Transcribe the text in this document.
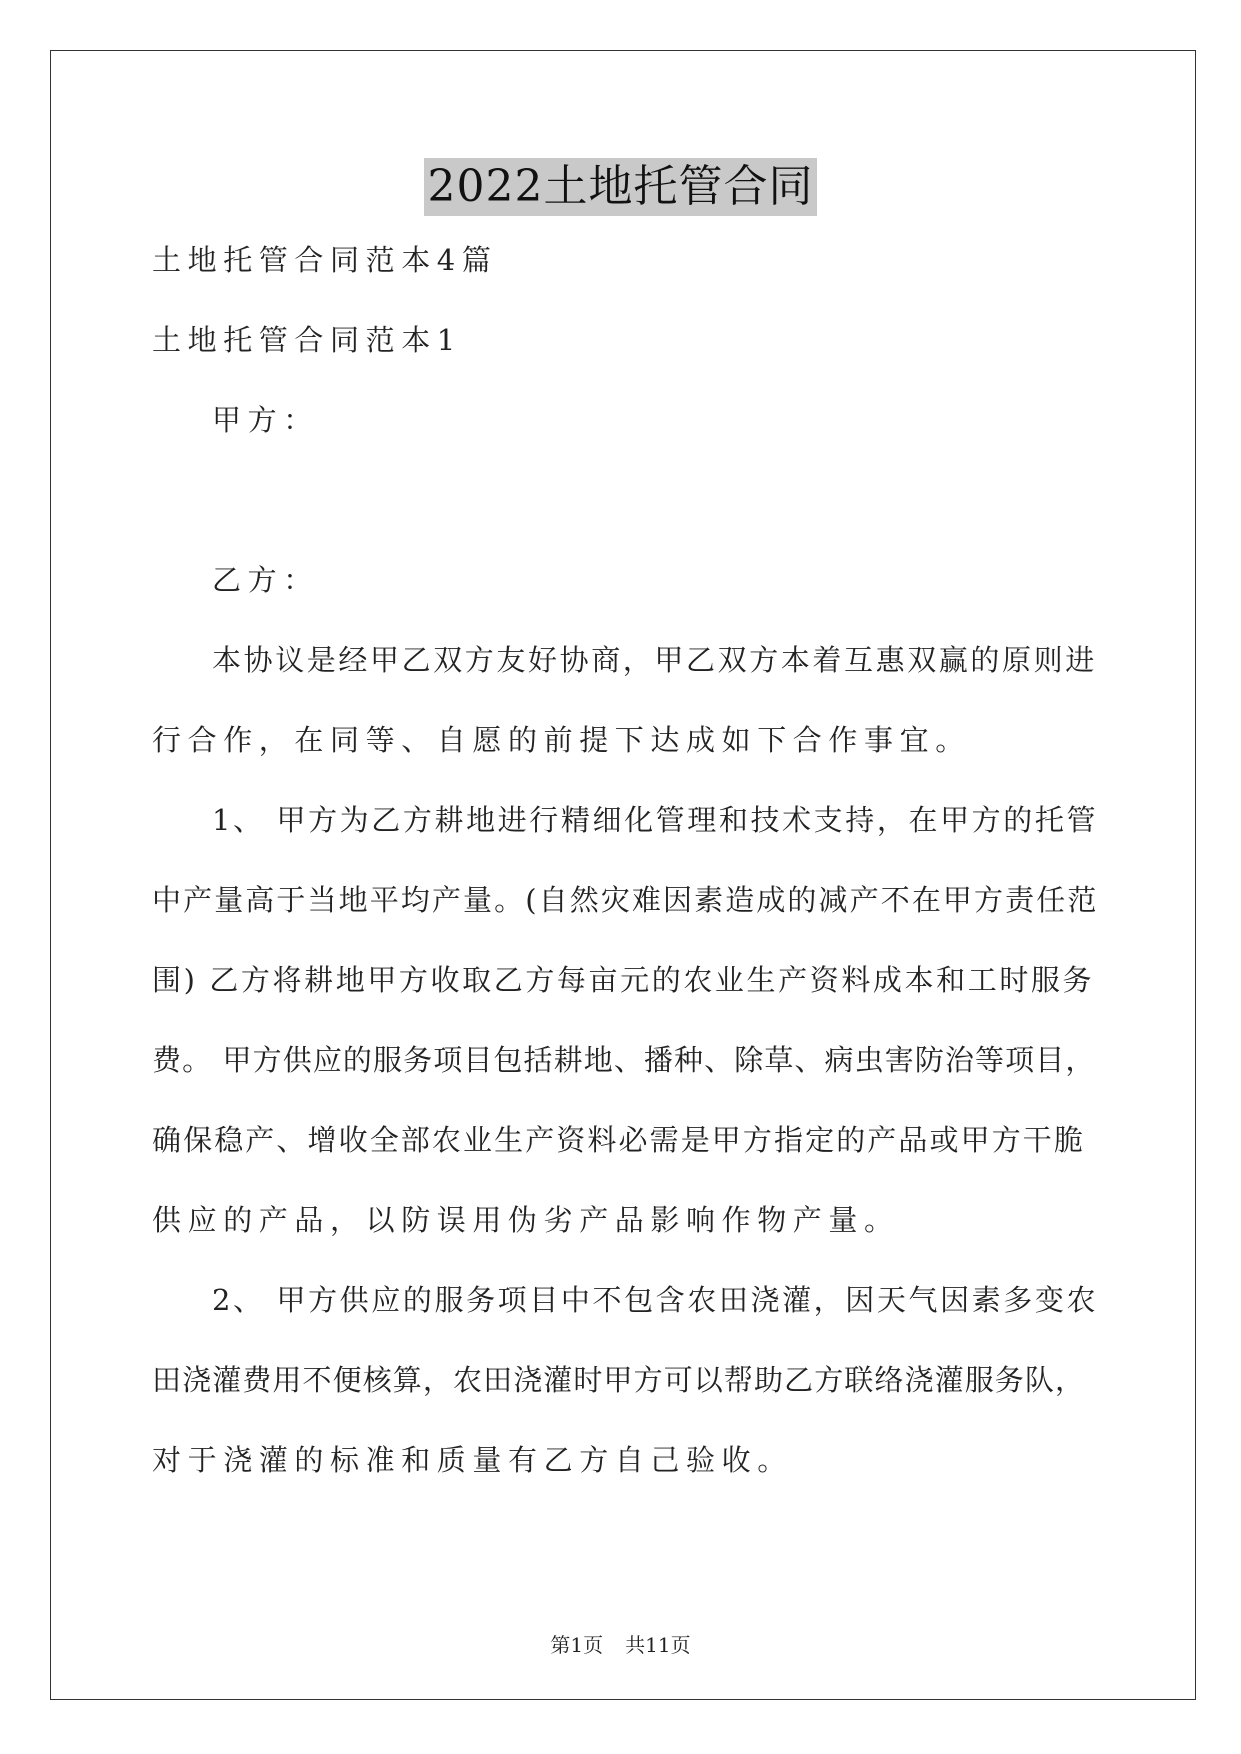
2022土地托管合同
土地托管合同范本4篇
土地托管合同范本1
甲方：
乙方：
本协议是经甲乙双方友好协商，甲乙双方本着互惠双赢的原则进
行合作，在同等、自愿的前提下达成如下合作事宜。
1、 甲方为乙方耕地进行精细化管理和技术支持，在甲方的托管
中产量高于当地平均产量。(自然灾难因素造成的减产不在甲方责任范
围) 乙方将耕地甲方收取乙方每亩元的农业生产资料成本和工时服务
费。 甲方供应的服务项目包括耕地、播种、除草、病虫害防治等项目，
确保稳产、增收全部农业生产资料必需是甲方指定的产品或甲方干脆
供应的产品，以防误用伪劣产品影响作物产量。
2、 甲方供应的服务项目中不包含农田浇灌，因天气因素多变农
田浇灌费用不便核算，农田浇灌时甲方可以帮助乙方联络浇灌服务队，
对于浇灌的标准和质量有乙方自己验收。
第1页 共11页
